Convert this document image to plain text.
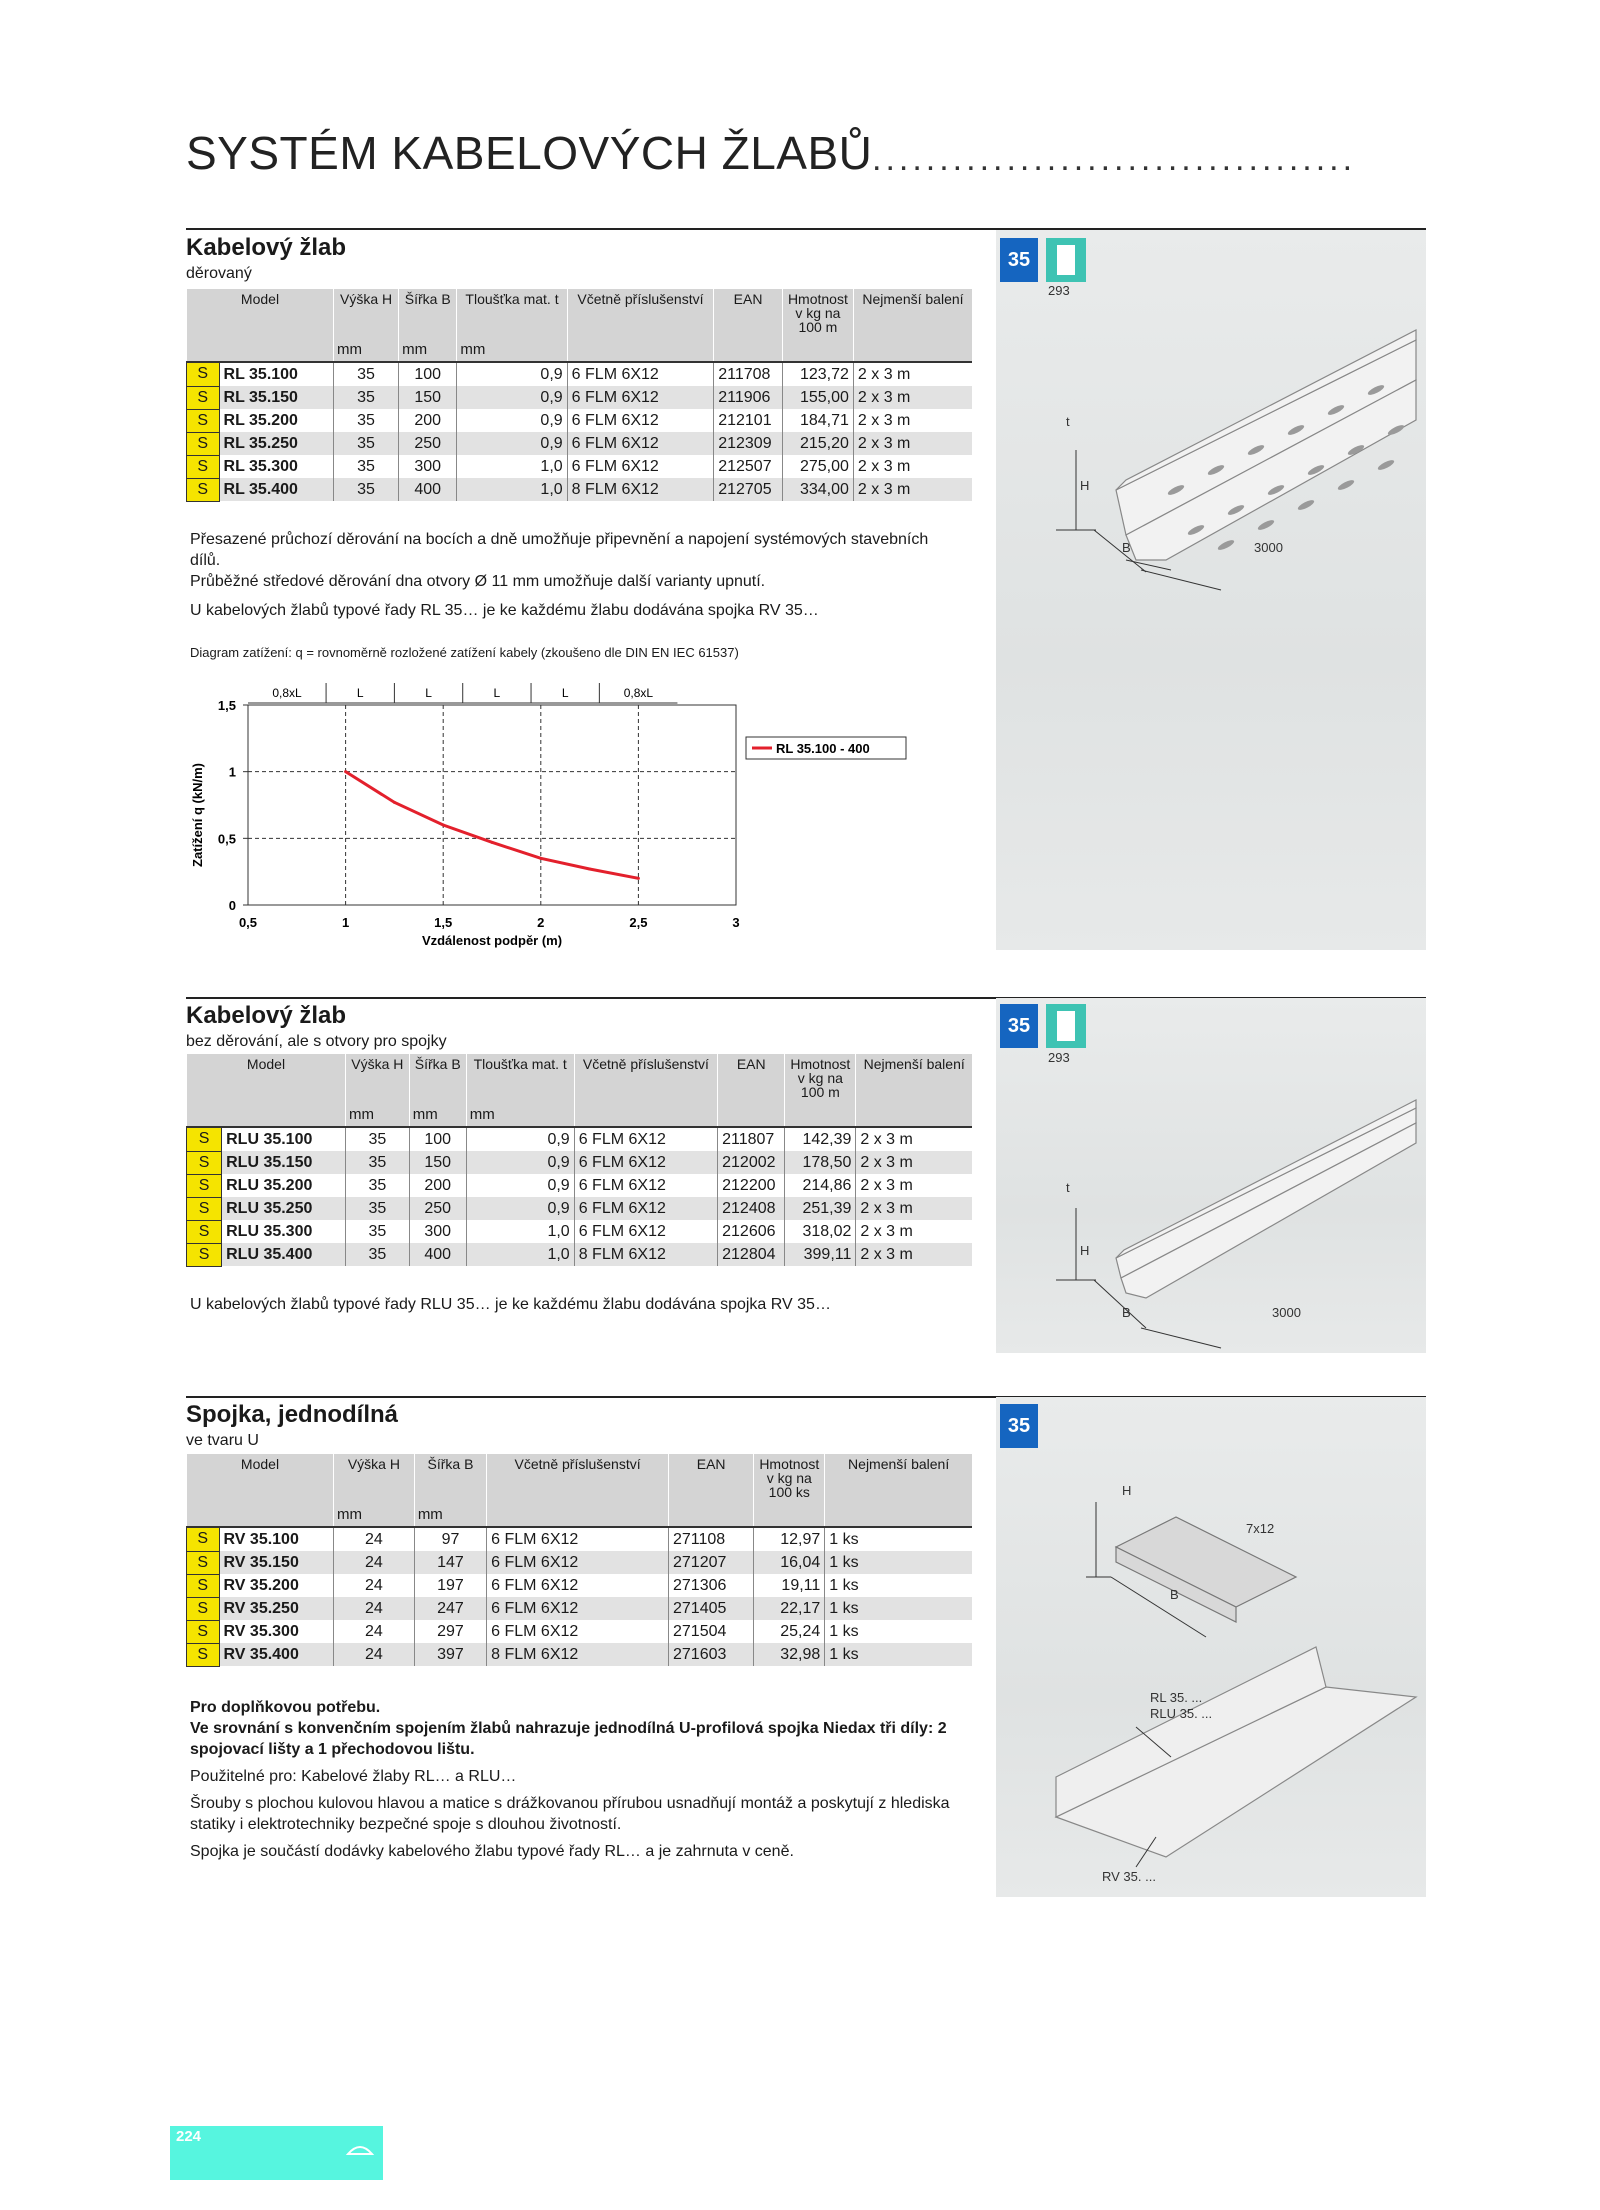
SYSTÉM KABELOVÝCH ŽLABŮ ....................................
Kabelový žlab
děrovaný
Model		Výška H	Šířka B	Tloušťka mat. t	Včetně příslušenství	EAN	Hmotnost v kg na 100 m	Nejmenší balení
		mm	mm	mm				
S	RL 35.100	35	100	0,9	6 FLM 6X12	211708	123,72	2 x 3 m
S	RL 35.150	35	150	0,9	6 FLM 6X12	211906	155,00	2 x 3 m
S	RL 35.200	35	200	0,9	6 FLM 6X12	212101	184,71	2 x 3 m
S	RL 35.250	35	250	0,9	6 FLM 6X12	212309	215,20	2 x 3 m
S	RL 35.300	35	300	1,0	6 FLM 6X12	212507	275,00	2 x 3 m
S	RL 35.400	35	400	1,0	8 FLM 6X12	212705	334,00	2 x 3 m

Přesazené průchozí děrování na bocích a dně umožňuje připevnění a napojení systémových stavebních dílů.

Průběžné středové děrování dna otvory Ø 11 mm umožňuje další varianty upnutí.

U kabelových žlabů typové řady RL 35… je ke každému žlabu dodávána spojka RV 35…

Diagram zatížení: q = rovnoměrně rozložené zatížení kabely (zkoušeno dle DIN EN IEC 61537)
0,5	1	1,5	2	2,5	3
0
0,5
1
1,5
0,8xL	L	L	L	L	0,8xL
RL 35.100 - 400
Vzdálenost podpěr (m)
Zatížení q (kN/m)
35
293
t
H
B	3000
Kabelový žlab
bez děrování, ale s otvory pro spojky
Model		Výška H	Šířka B	Tloušťka mat. t	Včetně příslušenství	EAN	Hmotnost v kg na 100 m	Nejmenší balení
		mm	mm	mm				
S	RLU 35.100	35	100	0,9	6 FLM 6X12	211807	142,39	2 x 3 m
S	RLU 35.150	35	150	0,9	6 FLM 6X12	212002	178,50	2 x 3 m
S	RLU 35.200	35	200	0,9	6 FLM 6X12	212200	214,86	2 x 3 m
S	RLU 35.250	35	250	0,9	6 FLM 6X12	212408	251,39	2 x 3 m
S	RLU 35.300	35	300	1,0	6 FLM 6X12	212606	318,02	2 x 3 m
S	RLU 35.400	35	400	1,0	8 FLM 6X12	212804	399,11	2 x 3 m

U kabelových žlabů typové řady RLU 35… je ke každému žlabu dodávána spojka RV 35…

35
293
t
H
B	3000
Spojka, jednodílná
ve tvaru U
Model		Výška H	Šířka B	Včetně příslušenství	EAN	Hmotnost v kg na 100 ks	Nejmenší balení
		mm	mm				
S	RV 35.100	24	97	6 FLM 6X12	271108	12,97	1 ks
S	RV 35.150	24	147	6 FLM 6X12	271207	16,04	1 ks
S	RV 35.200	24	197	6 FLM 6X12	271306	19,11	1 ks
S	RV 35.250	24	247	6 FLM 6X12	271405	22,17	1 ks
S	RV 35.300	24	297	6 FLM 6X12	271504	25,24	1 ks
S	RV 35.400	24	397	8 FLM 6X12	271603	32,98	1 ks

Pro doplňkovou potřebu.

Ve srovnání s konvenčním spojením žlabů nahrazuje jednodílná U-profilová spojka Niedax tři díly: 2 spojovací lišty a 1 přechodovou lištu.

Použitelné pro: Kabelové žlaby RL… a RLU…

Šrouby s plochou kulovou hlavou a matice s drážkovanou přírubou usnadňují montáž a poskytují z hlediska statiky i elektrotechniky bezpečné spoje s dlouhou životností.

Spojka je součástí dodávky kabelového žlabu typové řady RL… a je zahrnuta v ceně.

35
H
7x12
B
RL 35. ...
RLU 35. ...
RV 35. ...
224
